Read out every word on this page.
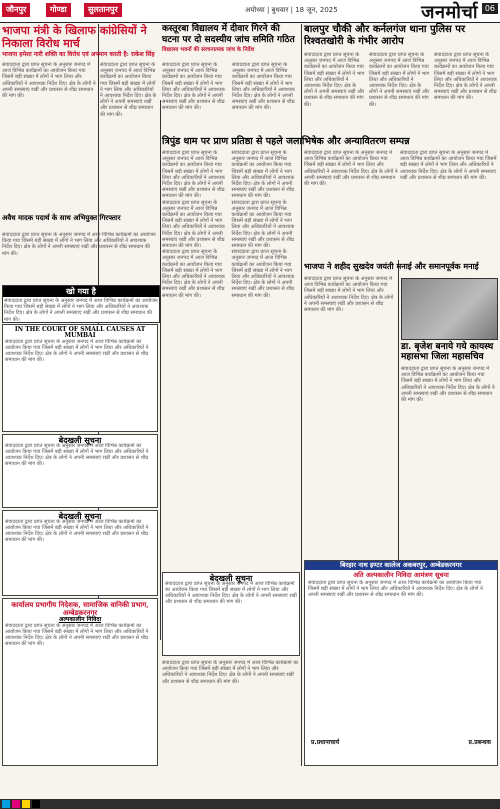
जौनपुर	गोण्डा	सुलतानपुर	अयोध्या | बुधवार | 18 जून, 2025	जनमोर्चा 06
भाजपा मंत्री के खिलाफ कांग्रेसियों ने निकाला विरोध मार्च
भाजपा हमेशा नारी शक्ति का विरोध एवं अपमान करती है: राकेश सिंह
संवाददाता द्वारा प्राप्त सूचना के अनुसार जनपद में आज विभिन्न कार्यक्रमों का आयोजन किया गया जिसमें बड़ी संख्या में लोगों ने भाग लिया और अधिकारियों ने आवश्यक निर्देश दिए। क्षेत्र के लोगों ने अपनी समस्याएं रखीं और प्रशासन से शीघ्र समाधान की मांग की।
संवाददाता द्वारा प्राप्त सूचना के अनुसार जनपद में आज विभिन्न कार्यक्रमों का आयोजन किया गया जिसमें बड़ी संख्या में लोगों ने भाग लिया और अधिकारियों ने आवश्यक निर्देश दिए। क्षेत्र के लोगों ने अपनी समस्याएं रखीं और प्रशासन से शीघ्र समाधान की मांग की।
अवैध मादक पदार्थ के साथ अभियुक्त गिरफ्तार
संवाददाता द्वारा प्राप्त सूचना के अनुसार जनपद में आज विभिन्न कार्यक्रमों का आयोजन किया गया जिसमें बड़ी संख्या में लोगों ने भाग लिया और अधिकारियों ने आवश्यक निर्देश दिए। क्षेत्र के लोगों ने अपनी समस्याएं रखीं और प्रशासन से शीघ्र समाधान की मांग की।
खो गया है
संवाददाता द्वारा प्राप्त सूचना के अनुसार जनपद में आज विभिन्न कार्यक्रमों का आयोजन किया गया जिसमें बड़ी संख्या में लोगों ने भाग लिया और अधिकारियों ने आवश्यक निर्देश दिए। क्षेत्र के लोगों ने अपनी समस्याएं रखीं और प्रशासन से शीघ्र समाधान की मांग की।
IN THE COURT OF SMALL CAUSES AT MUMBAI
संवाददाता द्वारा प्राप्त सूचना के अनुसार जनपद में आज विभिन्न कार्यक्रमों का आयोजन किया गया जिसमें बड़ी संख्या में लोगों ने भाग लिया और अधिकारियों ने आवश्यक निर्देश दिए। क्षेत्र के लोगों ने अपनी समस्याएं रखीं और प्रशासन से शीघ्र समाधान की मांग की।
बेदखली सूचना
संवाददाता द्वारा प्राप्त सूचना के अनुसार जनपद में आज विभिन्न कार्यक्रमों का आयोजन किया गया जिसमें बड़ी संख्या में लोगों ने भाग लिया और अधिकारियों ने आवश्यक निर्देश दिए। क्षेत्र के लोगों ने अपनी समस्याएं रखीं और प्रशासन से शीघ्र समाधान की मांग की।
बेदखली सूचना
संवाददाता द्वारा प्राप्त सूचना के अनुसार जनपद में आज विभिन्न कार्यक्रमों का आयोजन किया गया जिसमें बड़ी संख्या में लोगों ने भाग लिया और अधिकारियों ने आवश्यक निर्देश दिए। क्षेत्र के लोगों ने अपनी समस्याएं रखीं और प्रशासन से शीघ्र समाधान की मांग की।
कार्यालय प्रभागीय निदेशक, सामाजिक वानिकी प्रभाग, अम्बेडकरनगर
अल्पकालीन निविदा
संवाददाता द्वारा प्राप्त सूचना के अनुसार जनपद में आज विभिन्न कार्यक्रमों का आयोजन किया गया जिसमें बड़ी संख्या में लोगों ने भाग लिया और अधिकारियों ने आवश्यक निर्देश दिए। क्षेत्र के लोगों ने अपनी समस्याएं रखीं और प्रशासन से शीघ्र समाधान की मांग की।
कस्तूरबा विद्यालय में दीवार गिरने की घटना पर दो सदस्यीय जांच समिति गठित
विद्यालय भवनों की संरचनात्मक जांच के निर्देश
संवाददाता द्वारा प्राप्त सूचना के अनुसार जनपद में आज विभिन्न कार्यक्रमों का आयोजन किया गया जिसमें बड़ी संख्या में लोगों ने भाग लिया और अधिकारियों ने आवश्यक निर्देश दिए। क्षेत्र के लोगों ने अपनी समस्याएं रखीं और प्रशासन से शीघ्र समाधान की मांग की।
संवाददाता द्वारा प्राप्त सूचना के अनुसार जनपद में आज विभिन्न कार्यक्रमों का आयोजन किया गया जिसमें बड़ी संख्या में लोगों ने भाग लिया और अधिकारियों ने आवश्यक निर्देश दिए। क्षेत्र के लोगों ने अपनी समस्याएं रखीं और प्रशासन से शीघ्र समाधान की मांग की।
त्रिपुंड धाम पर प्राण प्रतिष्ठा से पहले जलाभिषेक और अन्यावितरण सम्पन्न
संवाददाता द्वारा प्राप्त सूचना के अनुसार जनपद में आज विभिन्न कार्यक्रमों का आयोजन किया गया जिसमें बड़ी संख्या में लोगों ने भाग लिया और अधिकारियों ने आवश्यक निर्देश दिए। क्षेत्र के लोगों ने अपनी समस्याएं रखीं और प्रशासन से शीघ्र समाधान की मांग की।
संवाददाता द्वारा प्राप्त सूचना के अनुसार जनपद में आज विभिन्न कार्यक्रमों का आयोजन किया गया जिसमें बड़ी संख्या में लोगों ने भाग लिया और अधिकारियों ने आवश्यक निर्देश दिए। क्षेत्र के लोगों ने अपनी समस्याएं रखीं और प्रशासन से शीघ्र समाधान की मांग की।
संवाददाता द्वारा प्राप्त सूचना के अनुसार जनपद में आज विभिन्न कार्यक्रमों का आयोजन किया गया जिसमें बड़ी संख्या में लोगों ने भाग लिया और अधिकारियों ने आवश्यक निर्देश दिए। क्षेत्र के लोगों ने अपनी समस्याएं रखीं और प्रशासन से शीघ्र समाधान की मांग की।
संवाददाता द्वारा प्राप्त सूचना के अनुसार जनपद में आज विभिन्न कार्यक्रमों का आयोजन किया गया जिसमें बड़ी संख्या में लोगों ने भाग लिया और अधिकारियों ने आवश्यक निर्देश दिए। क्षेत्र के लोगों ने अपनी समस्याएं रखीं और प्रशासन से शीघ्र समाधान की मांग की।
संवाददाता द्वारा प्राप्त सूचना के अनुसार जनपद में आज विभिन्न कार्यक्रमों का आयोजन किया गया जिसमें बड़ी संख्या में लोगों ने भाग लिया और अधिकारियों ने आवश्यक निर्देश दिए। क्षेत्र के लोगों ने अपनी समस्याएं रखीं और प्रशासन से शीघ्र समाधान की मांग की।
संवाददाता द्वारा प्राप्त सूचना के अनुसार जनपद में आज विभिन्न कार्यक्रमों का आयोजन किया गया जिसमें बड़ी संख्या में लोगों ने भाग लिया और अधिकारियों ने आवश्यक निर्देश दिए। क्षेत्र के लोगों ने अपनी समस्याएं रखीं और प्रशासन से शीघ्र समाधान की मांग की।
बेदखली सूचना
संवाददाता द्वारा प्राप्त सूचना के अनुसार जनपद में आज विभिन्न कार्यक्रमों का आयोजन किया गया जिसमें बड़ी संख्या में लोगों ने भाग लिया और अधिकारियों ने आवश्यक निर्देश दिए। क्षेत्र के लोगों ने अपनी समस्याएं रखीं और प्रशासन से शीघ्र समाधान की मांग की।
संवाददाता द्वारा प्राप्त सूचना के अनुसार जनपद में आज विभिन्न कार्यक्रमों का आयोजन किया गया जिसमें बड़ी संख्या में लोगों ने भाग लिया और अधिकारियों ने आवश्यक निर्देश दिए। क्षेत्र के लोगों ने अपनी समस्याएं रखीं और प्रशासन से शीघ्र समाधान की मांग की।
बालपुर चौकी और कर्नलगंज थाना पुलिस पर रिश्वतखोरी के गंभीर आरोप
संवाददाता द्वारा प्राप्त सूचना के अनुसार जनपद में आज विभिन्न कार्यक्रमों का आयोजन किया गया जिसमें बड़ी संख्या में लोगों ने भाग लिया और अधिकारियों ने आवश्यक निर्देश दिए। क्षेत्र के लोगों ने अपनी समस्याएं रखीं और प्रशासन से शीघ्र समाधान की मांग की।
संवाददाता द्वारा प्राप्त सूचना के अनुसार जनपद में आज विभिन्न कार्यक्रमों का आयोजन किया गया जिसमें बड़ी संख्या में लोगों ने भाग लिया और अधिकारियों ने आवश्यक निर्देश दिए। क्षेत्र के लोगों ने अपनी समस्याएं रखीं और प्रशासन से शीघ्र समाधान की मांग की।
संवाददाता द्वारा प्राप्त सूचना के अनुसार जनपद में आज विभिन्न कार्यक्रमों का आयोजन किया गया जिसमें बड़ी संख्या में लोगों ने भाग लिया और अधिकारियों ने आवश्यक निर्देश दिए। क्षेत्र के लोगों ने अपनी समस्याएं रखीं और प्रशासन से शीघ्र समाधान की मांग की।
संवाददाता द्वारा प्राप्त सूचना के अनुसार जनपद में आज विभिन्न कार्यक्रमों का आयोजन किया गया जिसमें बड़ी संख्या में लोगों ने भाग लिया और अधिकारियों ने आवश्यक निर्देश दिए। क्षेत्र के लोगों ने अपनी समस्याएं रखीं और प्रशासन से शीघ्र समाधान की मांग की।
संवाददाता द्वारा प्राप्त सूचना के अनुसार जनपद में आज विभिन्न कार्यक्रमों का आयोजन किया गया जिसमें बड़ी संख्या में लोगों ने भाग लिया और अधिकारियों ने आवश्यक निर्देश दिए। क्षेत्र के लोगों ने अपनी समस्याएं रखीं और प्रशासन से शीघ्र समाधान की मांग की।
भाजपा ने शहीद सुखदेव जयंती मनाई और समानपूर्वक मनाई
संवाददाता द्वारा प्राप्त सूचना के अनुसार जनपद में आज विभिन्न कार्यक्रमों का आयोजन किया गया जिसमें बड़ी संख्या में लोगों ने भाग लिया और अधिकारियों ने आवश्यक निर्देश दिए। क्षेत्र के लोगों ने अपनी समस्याएं रखीं और प्रशासन से शीघ्र समाधान की मांग की।
डा. बृजेश बनाये गये कायस्थ महासभा जिला महासचिव
संवाददाता द्वारा प्राप्त सूचना के अनुसार जनपद में आज विभिन्न कार्यक्रमों का आयोजन किया गया जिसमें बड़ी संख्या में लोगों ने भाग लिया और अधिकारियों ने आवश्यक निर्देश दिए। क्षेत्र के लोगों ने अपनी समस्याएं रखीं और प्रशासन से शीघ्र समाधान की मांग की।
बिरहार नाथ इण्टर कालेज अकबरपुर, अम्बेडकरनगर
अति अल्पकालीन निविदा आमंत्रण सूचना
संवाददाता द्वारा प्राप्त सूचना के अनुसार जनपद में आज विभिन्न कार्यक्रमों का आयोजन किया गया जिसमें बड़ी संख्या में लोगों ने भाग लिया और अधिकारियों ने आवश्यक निर्देश दिए। क्षेत्र के लोगों ने अपनी समस्याएं रखीं और प्रशासन से शीघ्र समाधान की मांग की।
प्र.प्रधानाचार्य	प्र.प्रबन्धक
